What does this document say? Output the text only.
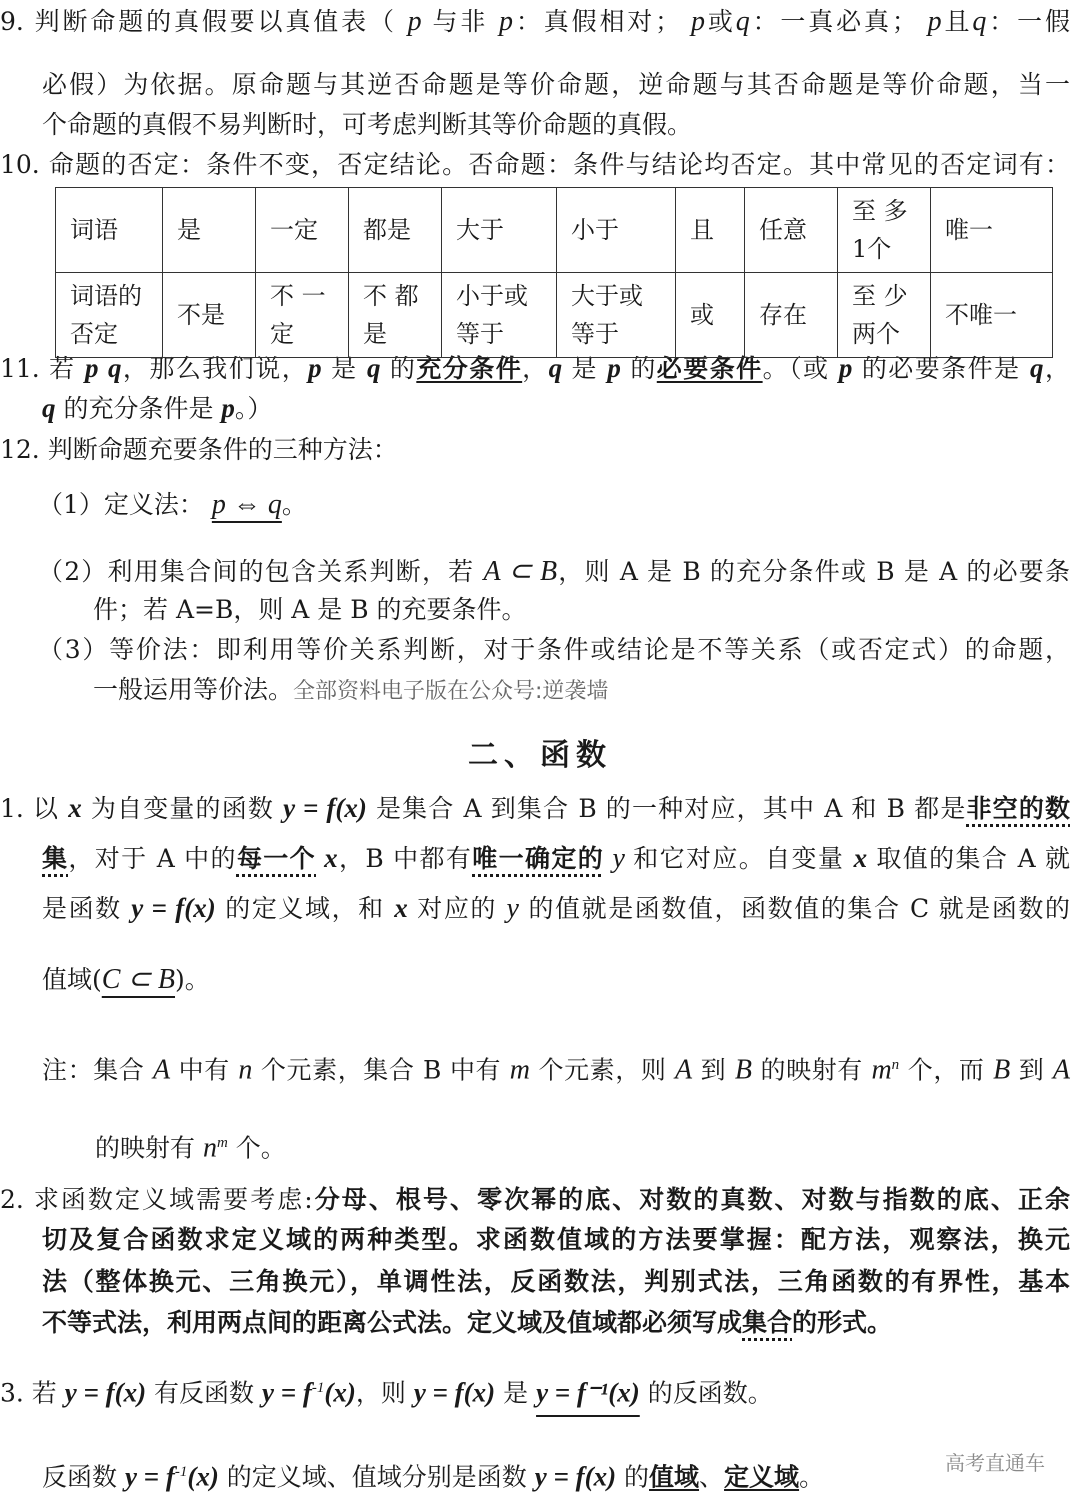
9. 判断命题的真假要以真值表（ p 与非 p：真假相对； p或q：一真必真； p且q：一假
必假）为依据。原命题与其逆否命题是等价命题，逆命题与其否命题是等价命题，当一
个命题的真假不易判断时，可考虑判断其等价命题的真假。
10. 命题的否定：条件不变，否定结论。否命题：条件与结论均否定。其中常见的否定词有：
11. 若 p q，那么我们说，p 是 q 的充分条件，q 是 p 的必要条件。（或 p 的必要条件是 q，
q 的充分条件是 p。）
12. 判断命题充要条件的三种方法：
（1）定义法： p ⇔ q。
（2）利用集合间的包含关系判断，若 A ⊂ B，则 A 是 B 的充分条件或 B 是 A 的必要条
件；若 A=B，则 A 是 B 的充要条件。
（3）等价法：即利用等价关系判断，对于条件或结论是不等关系（或否定式）的命题，
一般运用等价法。全部资料电子版在公众号:逆袭墙
1. 以 x 为自变量的函数 y = f(x) 是集合 A 到集合 B 的一种对应，其中 A 和 B 都是非空的数
集，对于 A 中的每一个 x，B 中都有唯一确定的 y 和它对应。自变量 x 取值的集合 A 就
是函数 y = f(x) 的定义域，和 x 对应的 y 的值就是函数值，函数值的集合 C 就是函数的
值域(C ⊂ B)。
注：集合 A 中有 n 个元素，集合 B 中有 m 个元素，则 A 到 B 的映射有 $m^n$ 个，而 B 到 A
的映射有 $n^m$ 个。
2. 求函数定义域需要考虑:分母、根号、零次幂的底、对数的真数、对数与指数的底、正余
切及复合函数求定义域的两种类型。求函数值域的方法要掌握：配方法，观察法，换元
法（整体换元、三角换元），单调性法，反函数法，判别式法，三角函数的有界性，基本
不等式法，利用两点间的距离公式法。定义域及值域都必须写成集合的形式。
3. 若 y = f(x) 有反函数 $y = f^{-1}(x)$，则 y = f(x) 是 y = f⁻¹(x) 的反函数。
反函数 $y = f^{-1}(x)$ 的定义域、值域分别是函数 y = f(x) 的值域、定义域。
词语	是	一定	都是	大于	小于	且	任意	至 多 1个	唯一
词语的否定	不是	不 一 定	不 都 是	小于或等于	大于或等于	或	存在	至 少 两个	不唯一
二、函数
高考直通车
